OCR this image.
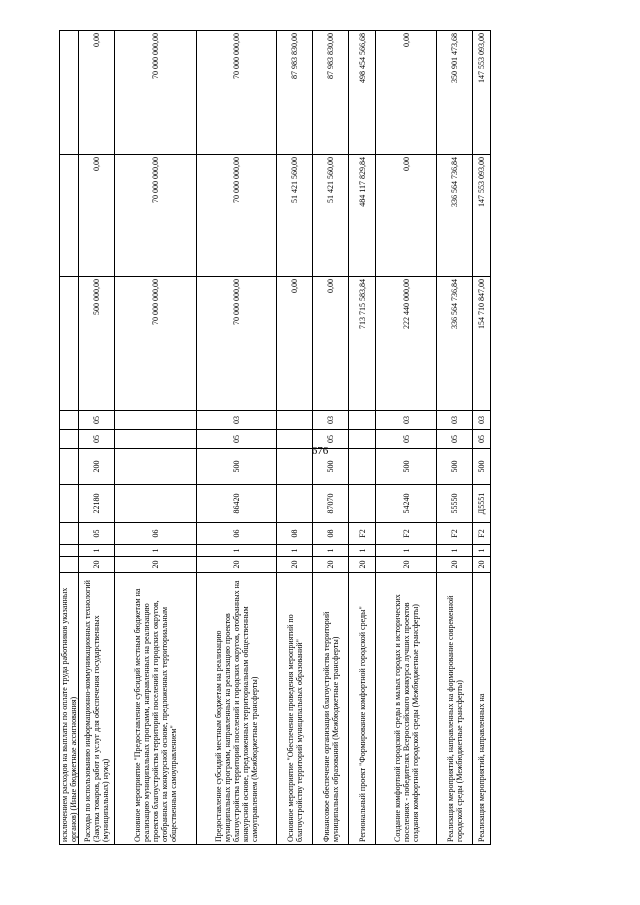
676
исключением расходов на выплаты по оплате труда работников указанных органов) (Иные бюджетные ассигнования)										
Расходы по использованию информационно-коммуникационных технологий (Закупка товаров, работ и услуг для обеспечения государственных (муниципальных) нужд)	20	1	05	22180	200	05	05	500 000,00	0,00	0,00
Основное мероприятие "Предоставление субсидий местным бюджетам на реализацию муниципальных программ, направленных на реализацию проектов благоустройства территорий поселений и городских округов, отобранных на конкурсной основе, предложенных территориальным общественным самоуправлением"	20	1	06					70 000 000,00	70 000 000,00	70 000 000,00
Предоставление субсидий местным бюджетам на реализацию муниципальных программ, направленных на реализацию проектов благоустройства территорий поселений и городских округов, отобранных на конкурсной основе, предложенных территориальным общественным самоуправлением (Межбюджетные трансферты)	20	1	06	86420	500	05	03	70 000 000,00	70 000 000,00	70 000 000,00
Основное мероприятие "Обеспечение проведения мероприятий по благоустройству территорий муниципальных образований"	20	1	08					0,00	51 421 560,00	87 983 830,00
Финансовое обеспечение организации благоустройства территорий муниципальных образований (Межбюджетные трансферты)	20	1	08	87070	500	05	03	0,00	51 421 560,00	87 983 830,00
Региональный проект "Формирование комфортной городской среды"	20	1	F2					713 715 583,84	484 117 829,84	498 454 566,68
Создание комфортной городской среды в малых городах и исторических поселениях - победителях Всероссийского конкурса лучших проектов создания комфортной городской среды (Межбюджетные трансферты)	20	1	F2	54240	500	05	03	222 440 000,00	0,00	0,00
Реализация мероприятий, направленных на формирование современной городской среды (Межбюджетные трансферты)	20	1	F2	55550	500	05	03	336 564 736,84	336 564 736,84	350 901 473,68
Реализация мероприятий, направленных на	20	1	F2	Д5551	500	05	03	154 710 847,00	147 553 093,00	147 553 093,00
